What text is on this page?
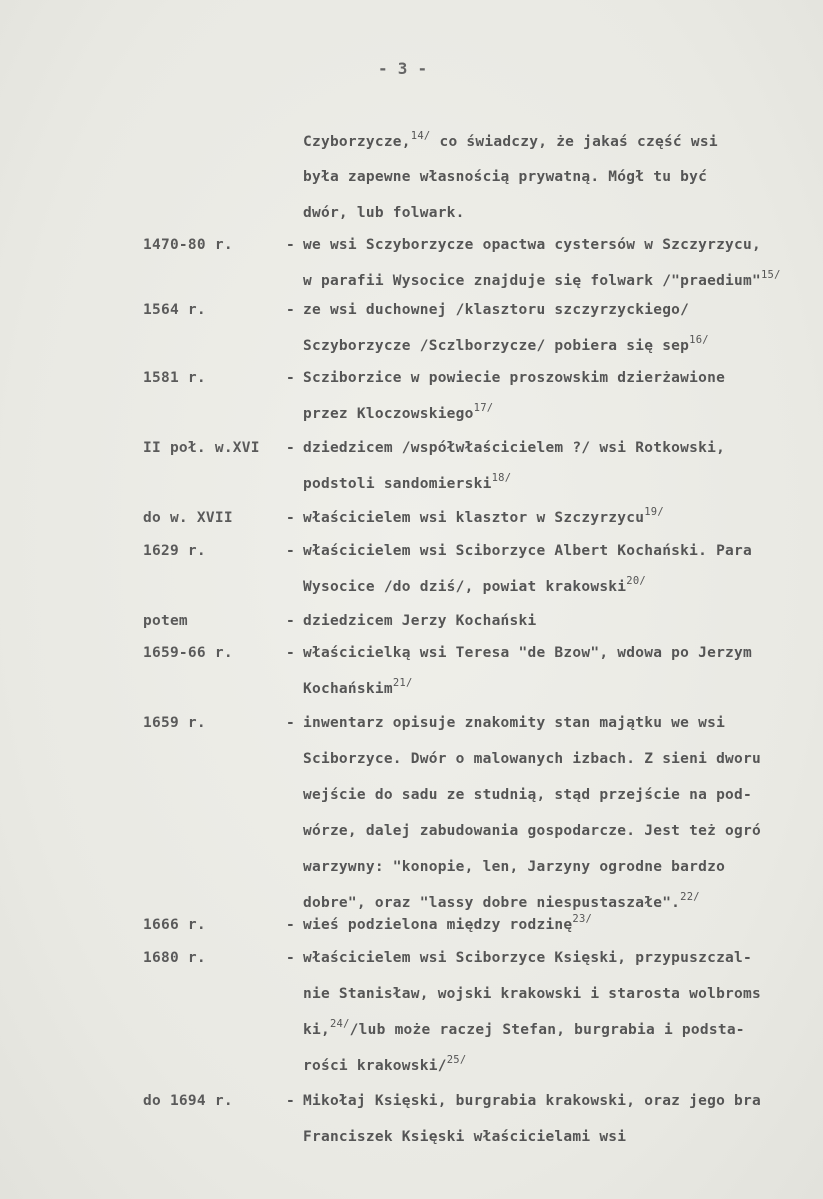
- 3 -
Czyborzycze,$^{14/}$ co świadczy, że jakaś część wsi
była zapewne własnością prywatną. Mógł tu być
dwór, lub folwark.
1470-80 r.	- we wsi Sczyborzycze opactwa cystersów w Szczyrzycu,
w parafii Wysocice znajduje się folwark /"praedium"$^{15/}$
1564 r.	- ze wsi duchownej /klasztoru szczyrzyckiego/
Sczyborzycze /Sczlborzycze/ pobiera się sep$^{16/}$
1581 r.	- Scziborzice w powiecie proszowskim dzierżawione
przez Kloczowskiego$^{17/}$
II poł. w.XVI - dziedzicem /współwłaścicielem ?/ wsi Rotkowski,
podstoli sandomierski$^{18/}$
do w. XVII	- właścicielem wsi klasztor w Szczyrzycu$^{19/}$
1629 r.	- właścicielem wsi Sciborzyce Albert Kochański. Para
Wysocice /do dziś/, powiat krakowski$^{20/}$
potem	- dziedzicem Jerzy Kochański
1659-66 r.	- właścicielką wsi Teresa "de Bzow", wdowa po Jerzym
Kochańskim$^{21/}$
1659 r.	- inwentarz opisuje znakomity stan majątku we wsi
Sciborzyce. Dwór o malowanych izbach. Z sieni dworu
wejście do sadu ze studnią, stąd przejście na pod-
wórze, dalej zabudowania gospodarcze. Jest też ogró
warzywny: "konopie, len, Jarzyny ogrodne bardzo
dobre", oraz "lassy dobre niespustaszałe".$^{22/}$
1666 r.	- wieś podzielona między rodzinę$^{23/}$
1680 r.	- właścicielem wsi Sciborzyce Księski, przypuszczal-
nie Stanisław, wojski krakowski i starosta wolbroms
ki,$^{24/}$/lub może raczej Stefan, burgrabia i podsta-
rości krakowski/$^{25/}$
do 1694 r.	- Mikołaj Księski, burgrabia krakowski, oraz jego bra
Franciszek Księski właścicielami wsi
